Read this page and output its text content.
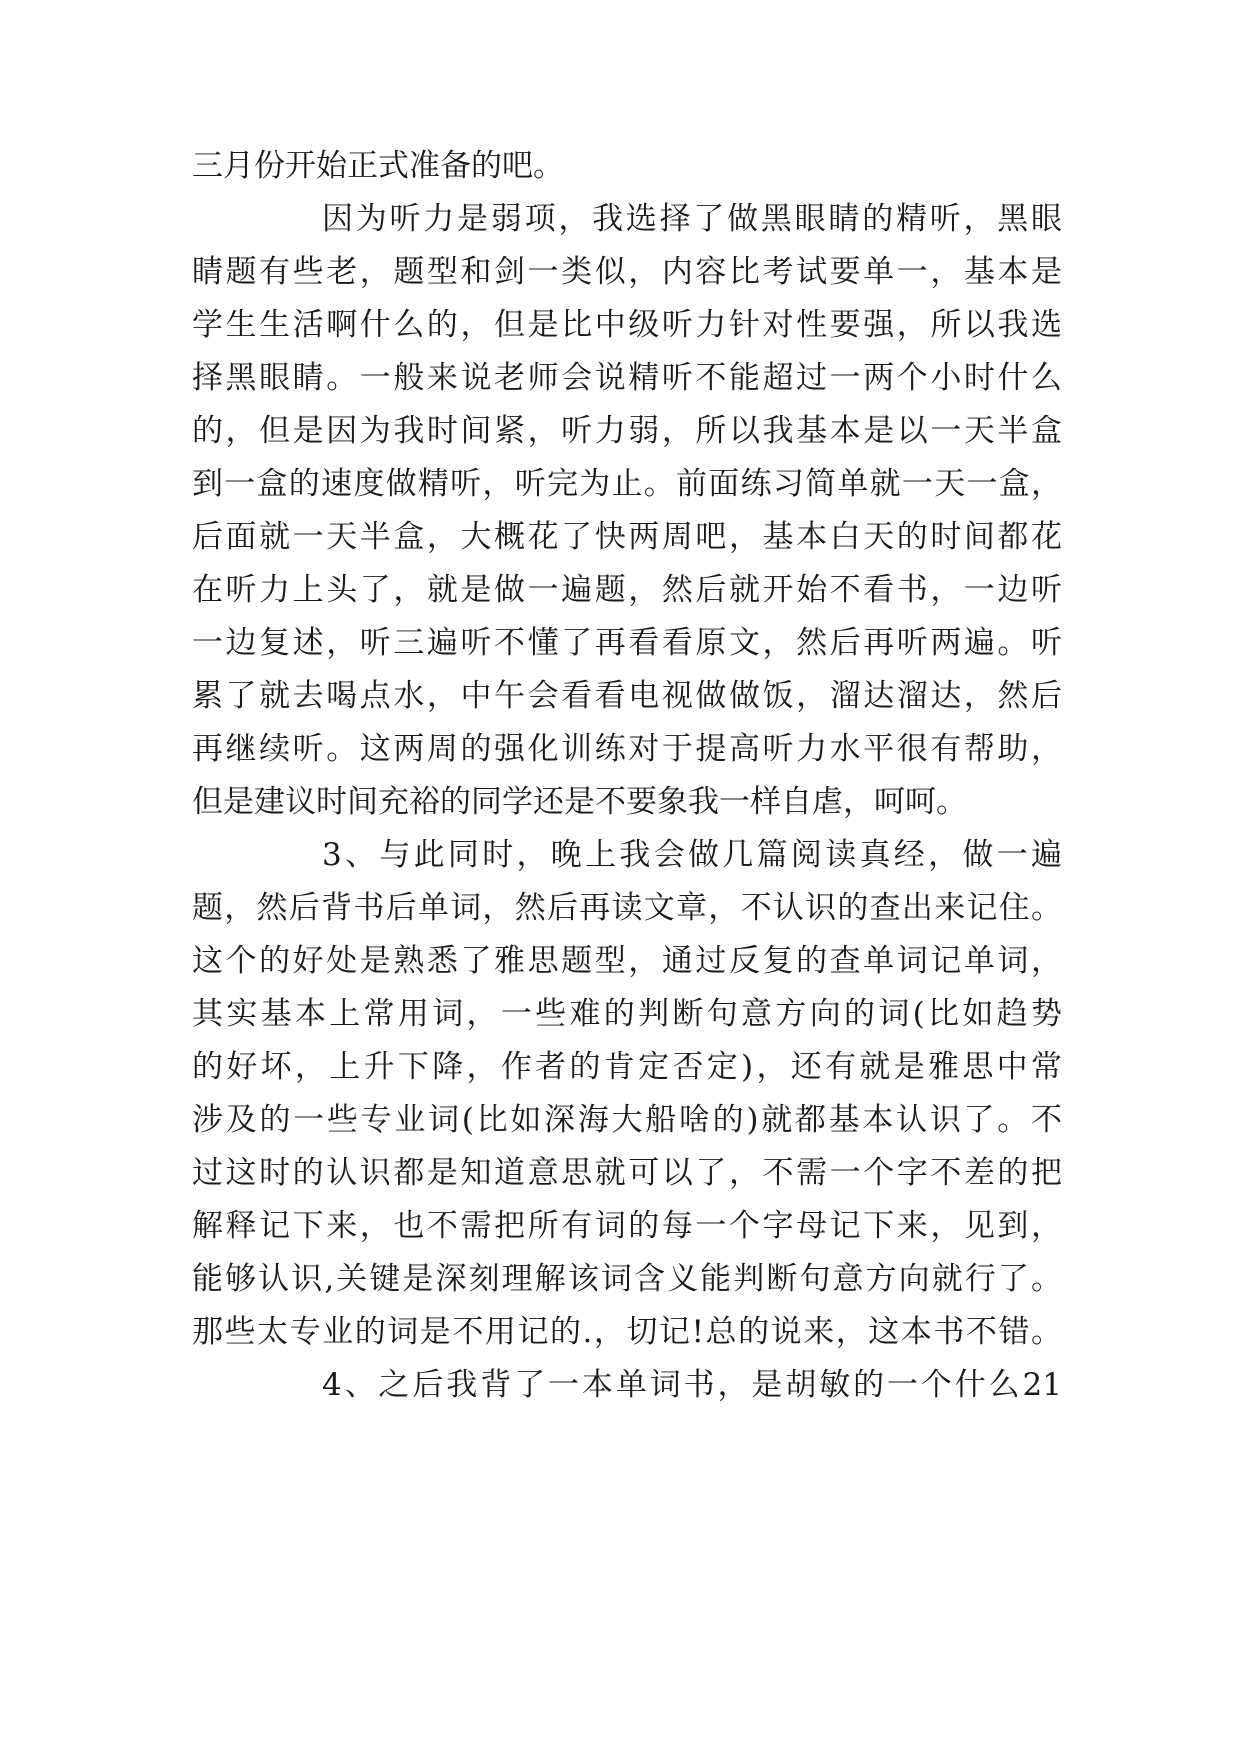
三月份开始正式准备的吧。
因为听力是弱项，我选择了做黑眼睛的精听，黑眼
睛题有些老，题型和剑一类似，内容比考试要单一，基本是
学生生活啊什么的，但是比中级听力针对性要强，所以我选
择黑眼睛。一般来说老师会说精听不能超过一两个小时什么
的，但是因为我时间紧，听力弱，所以我基本是以一天半盒
到一盒的速度做精听，听完为止。前面练习简单就一天一盒，
后面就一天半盒，大概花了快两周吧，基本白天的时间都花
在听力上头了，就是做一遍题，然后就开始不看书，一边听
一边复述，听三遍听不懂了再看看原文，然后再听两遍。听
累了就去喝点水，中午会看看电视做做饭，溜达溜达，然后
再继续听。这两周的强化训练对于提高听力水平很有帮助，
但是建议时间充裕的同学还是不要象我一样自虐，呵呵。
3、与此同时，晚上我会做几篇阅读真经，做一遍
题，然后背书后单词，然后再读文章，不认识的查出来记住。
这个的好处是熟悉了雅思题型，通过反复的查单词记单词，
其实基本上常用词，一些难的判断句意方向的词(比如趋势
的好坏，上升下降，作者的肯定否定)，还有就是雅思中常
涉及的一些专业词(比如深海大船啥的)就都基本认识了。不
过这时的认识都是知道意思就可以了，不需一个字不差的把
解释记下来，也不需把所有词的每一个字母记下来，见到，
能够认识,关键是深刻理解该词含义能判断句意方向就行了。
那些太专业的词是不用记的.，切记!总的说来，这本书不错。
4、之后我背了一本单词书，是胡敏的一个什么21
